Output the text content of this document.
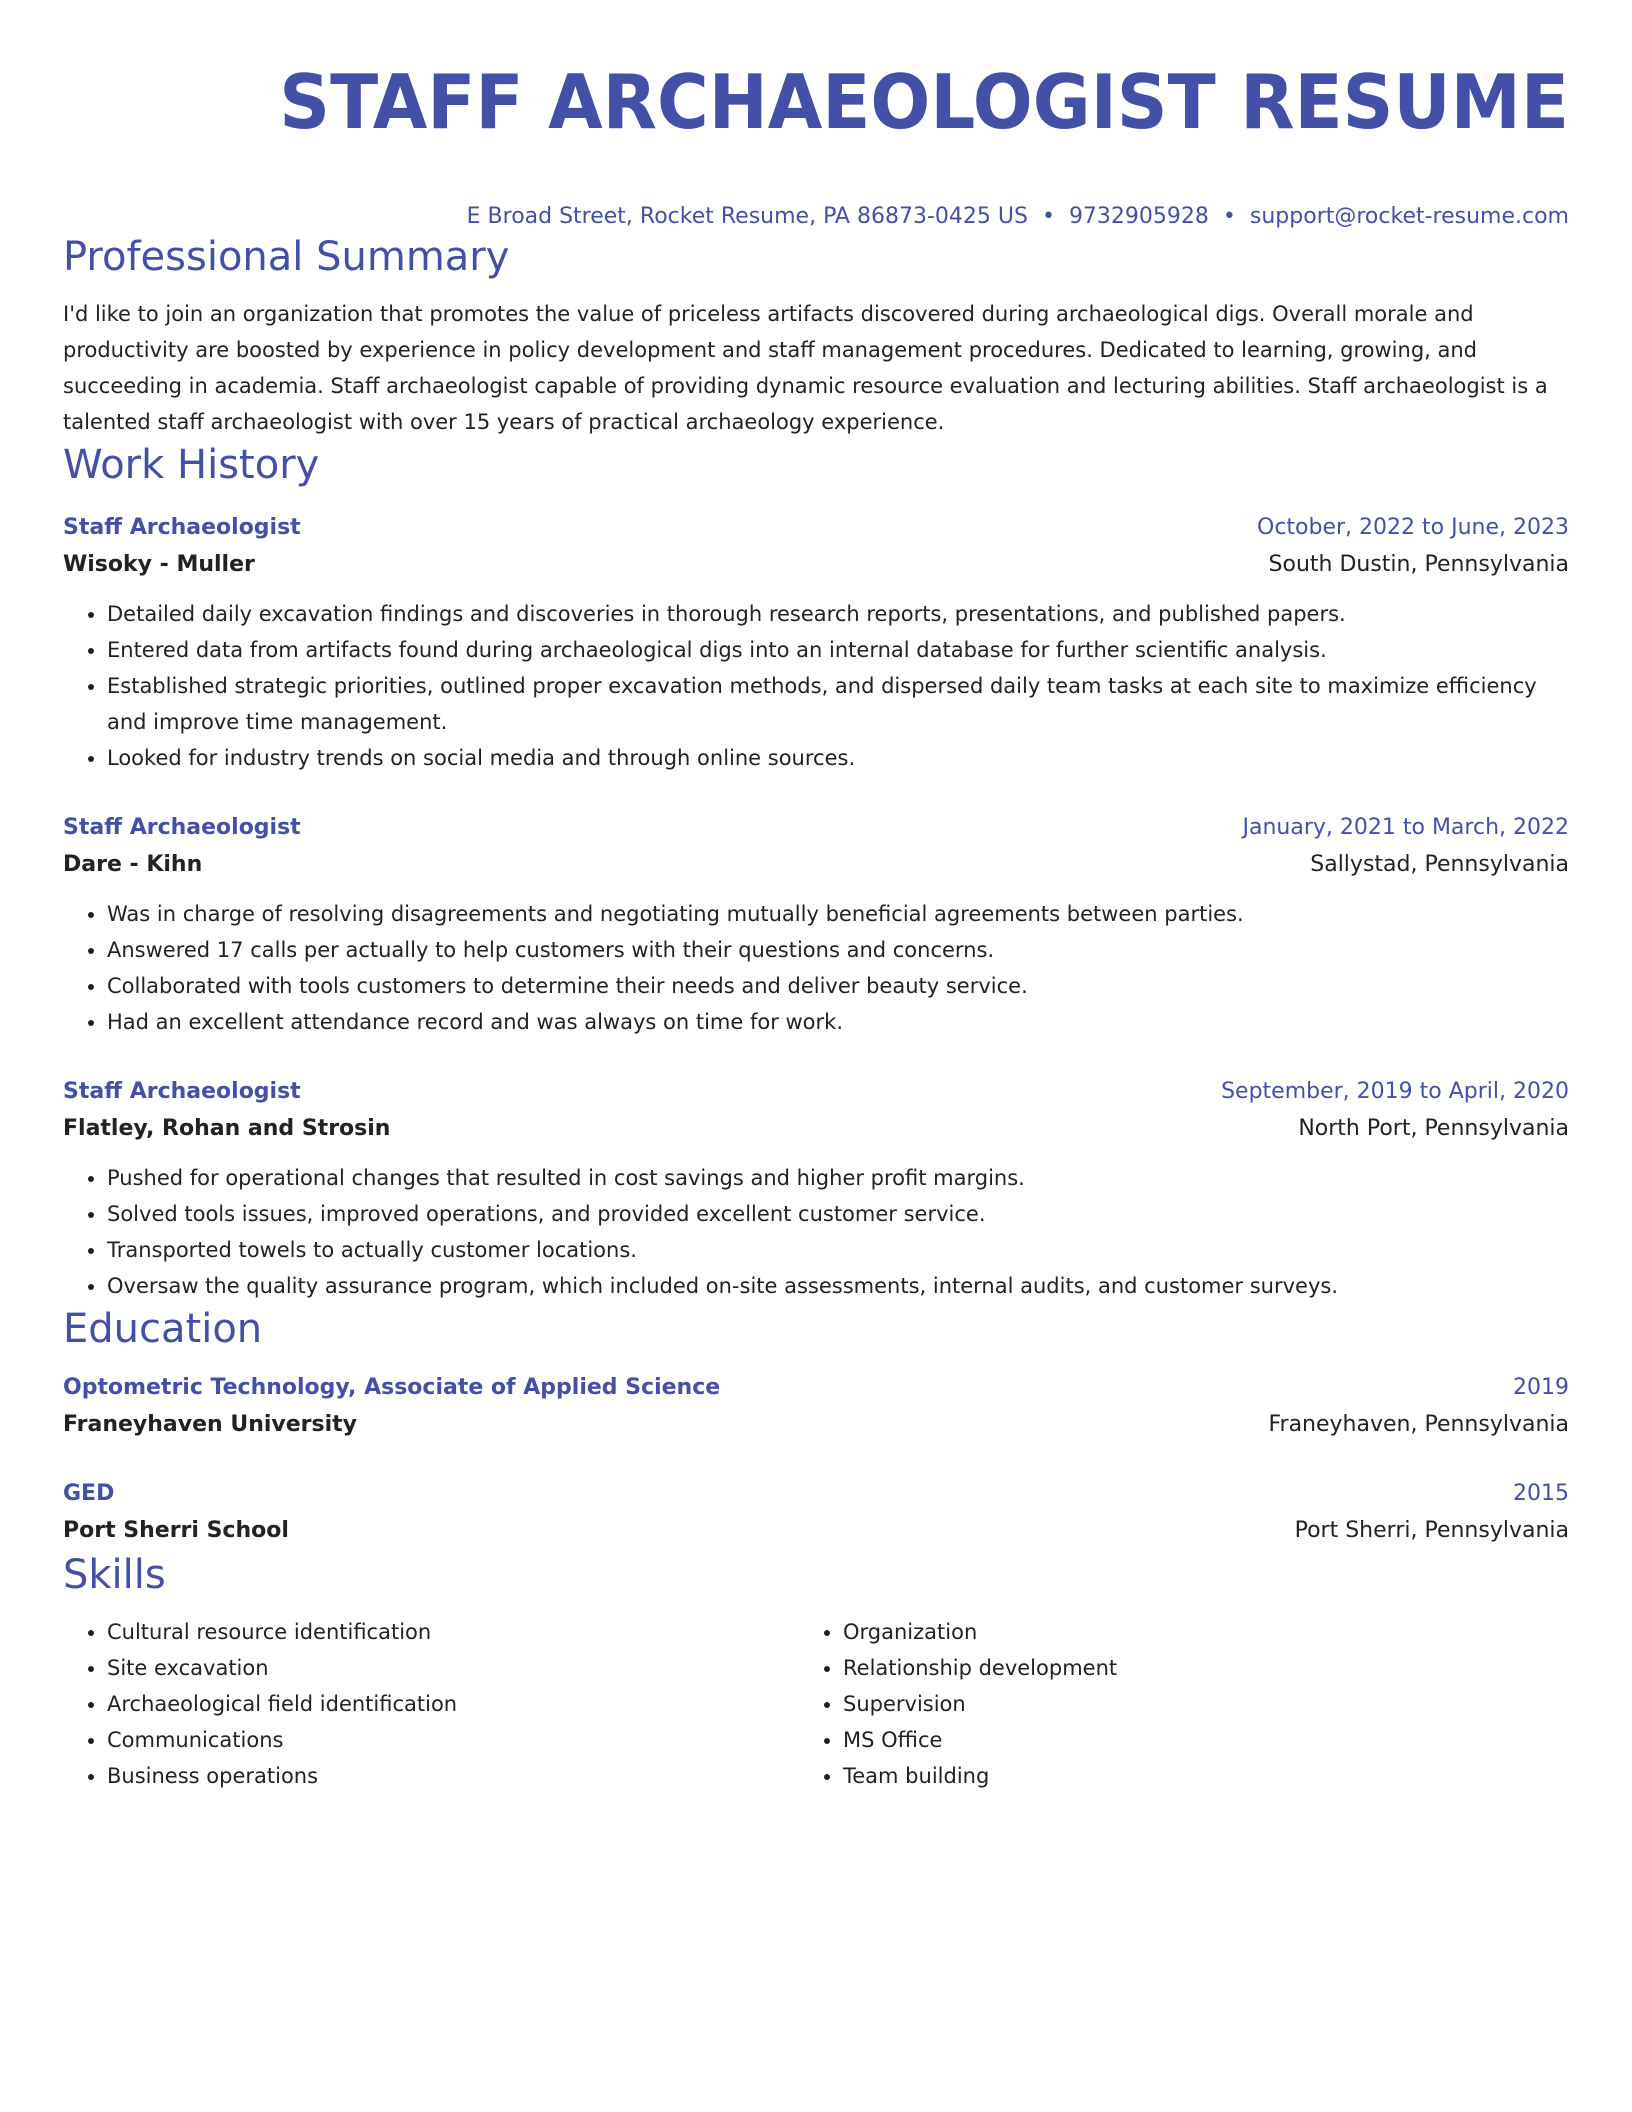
STAFF ARCHAEOLOGIST RESUME
E Broad Street, Rocket Resume, PA 86873-0425 US • 9732905928 • support@rocket-resume.com
Professional Summary
I'd like to join an organization that promotes the value of priceless artifacts discovered during archaeological digs. Overall morale and productivity are boosted by experience in policy development and staff management procedures. Dedicated to learning, growing, and succeeding in academia. Staff archaeologist capable of providing dynamic resource evaluation and lecturing abilities. Staff archaeologist is a talented staff archaeologist with over 15 years of practical archaeology experience.
Work History
Staff Archaeologist	October, 2022 to June, 2023
Wisoky - Muller	South Dustin, Pennsylvania
• Detailed daily excavation findings and discoveries in thorough research reports, presentations, and published papers.
• Entered data from artifacts found during archaeological digs into an internal database for further scientific analysis.
• Established strategic priorities, outlined proper excavation methods, and dispersed daily team tasks at each site to maximize efficiency and improve time management.
• Looked for industry trends on social media and through online sources.
Staff Archaeologist	January, 2021 to March, 2022
Dare - Kihn	Sallystad, Pennsylvania
• Was in charge of resolving disagreements and negotiating mutually beneficial agreements between parties.
• Answered 17 calls per actually to help customers with their questions and concerns.
• Collaborated with tools customers to determine their needs and deliver beauty service.
• Had an excellent attendance record and was always on time for work.
Staff Archaeologist	September, 2019 to April, 2020
Flatley, Rohan and Strosin	North Port, Pennsylvania
• Pushed for operational changes that resulted in cost savings and higher profit margins.
• Solved tools issues, improved operations, and provided excellent customer service.
• Transported towels to actually customer locations.
• Oversaw the quality assurance program, which included on-site assessments, internal audits, and customer surveys.
Education
Optometric Technology, Associate of Applied Science	2019
Franeyhaven University	Franeyhaven, Pennsylvania
GED	2015
Port Sherri School	Port Sherri, Pennsylvania
Skills
• Cultural resource identification
• Site excavation
• Archaeological field identification
• Communications
• Business operations
• Organization
• Relationship development
• Supervision
• MS Office
• Team building
